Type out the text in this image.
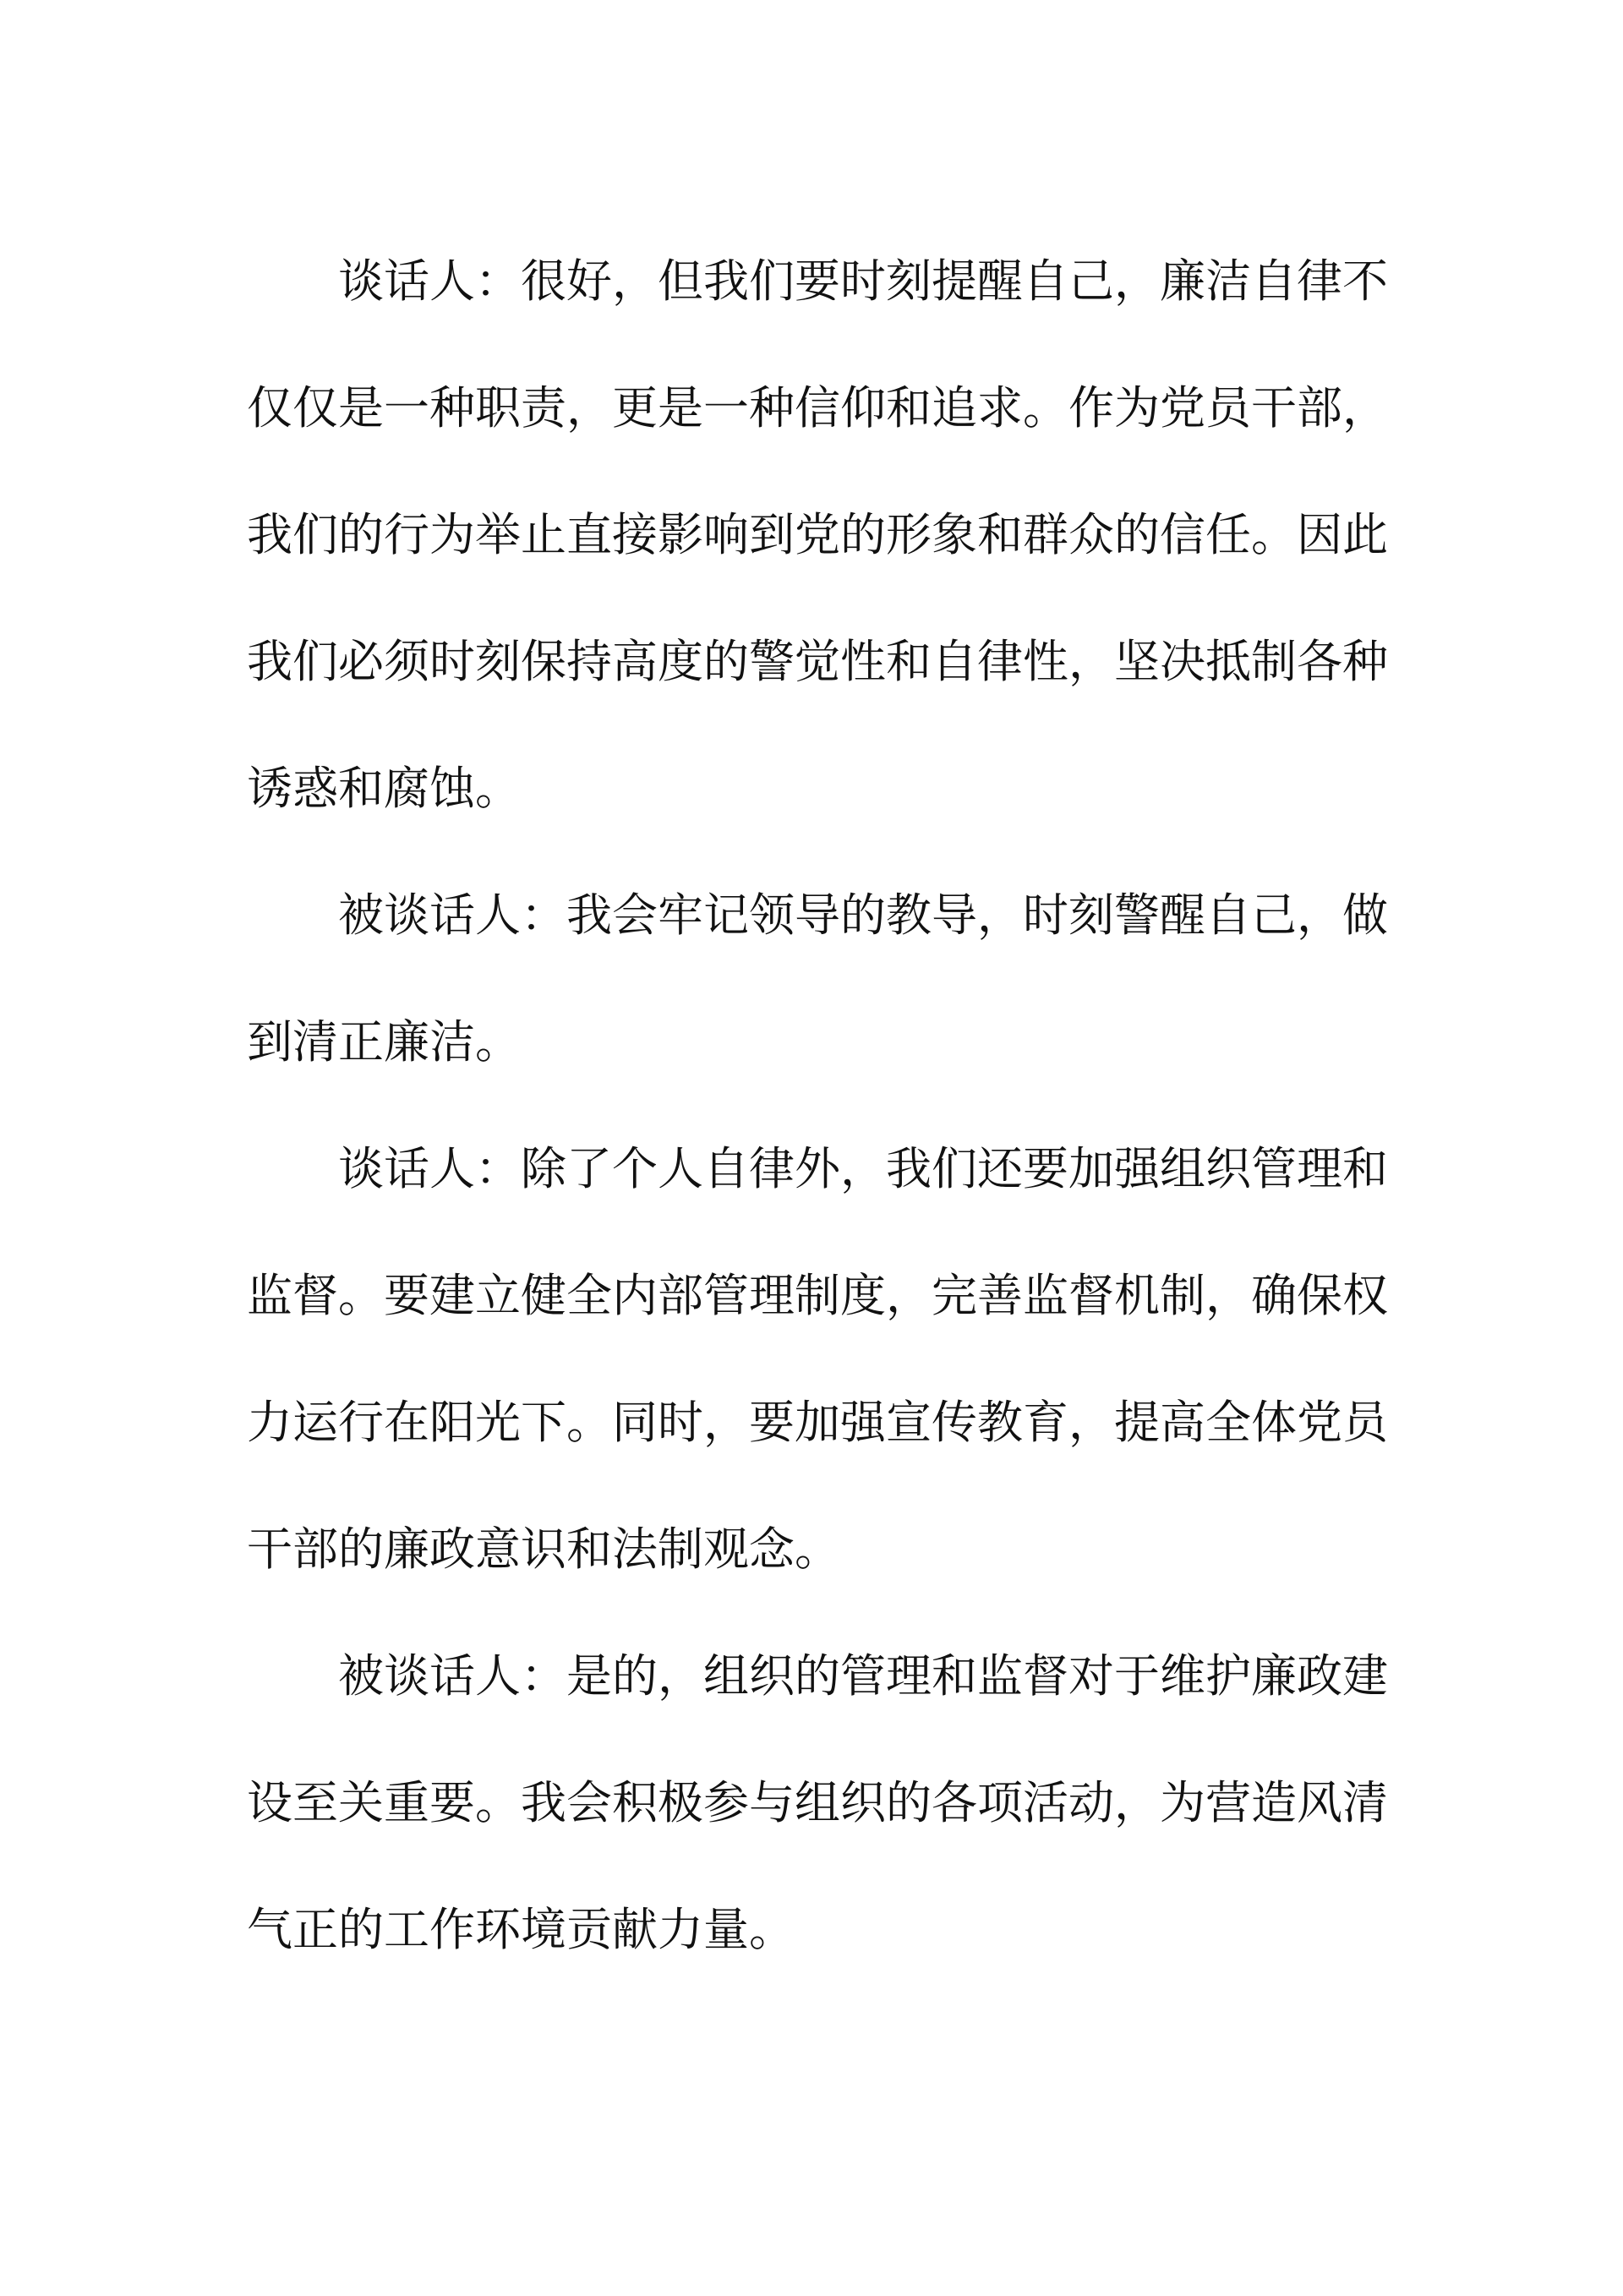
谈话人：很好，但我们要时刻提醒自己，廉洁自律不仅仅是一种职责，更是一种信仰和追求。作为党员干部，我们的行为举止直接影响到党的形象和群众的信任。因此我们必须时刻保持高度的警觉性和自律性，坚决抵制各种诱惑和腐蚀。

被谈话人：我会牢记领导的教导，时刻警醒自己，做到清正廉洁。

谈话人：除了个人自律外，我们还要加强组织管理和监督。要建立健全内部管理制度，完善监督机制，确保权力运行在阳光下。同时，要加强宣传教育，提高全体党员干部的廉政意识和法制观念。

被谈话人：是的，组织的管理和监督对于维护廉政建设至关重要。我会积极参与组织的各项活动，为营造风清气正的工作环境贡献力量。
